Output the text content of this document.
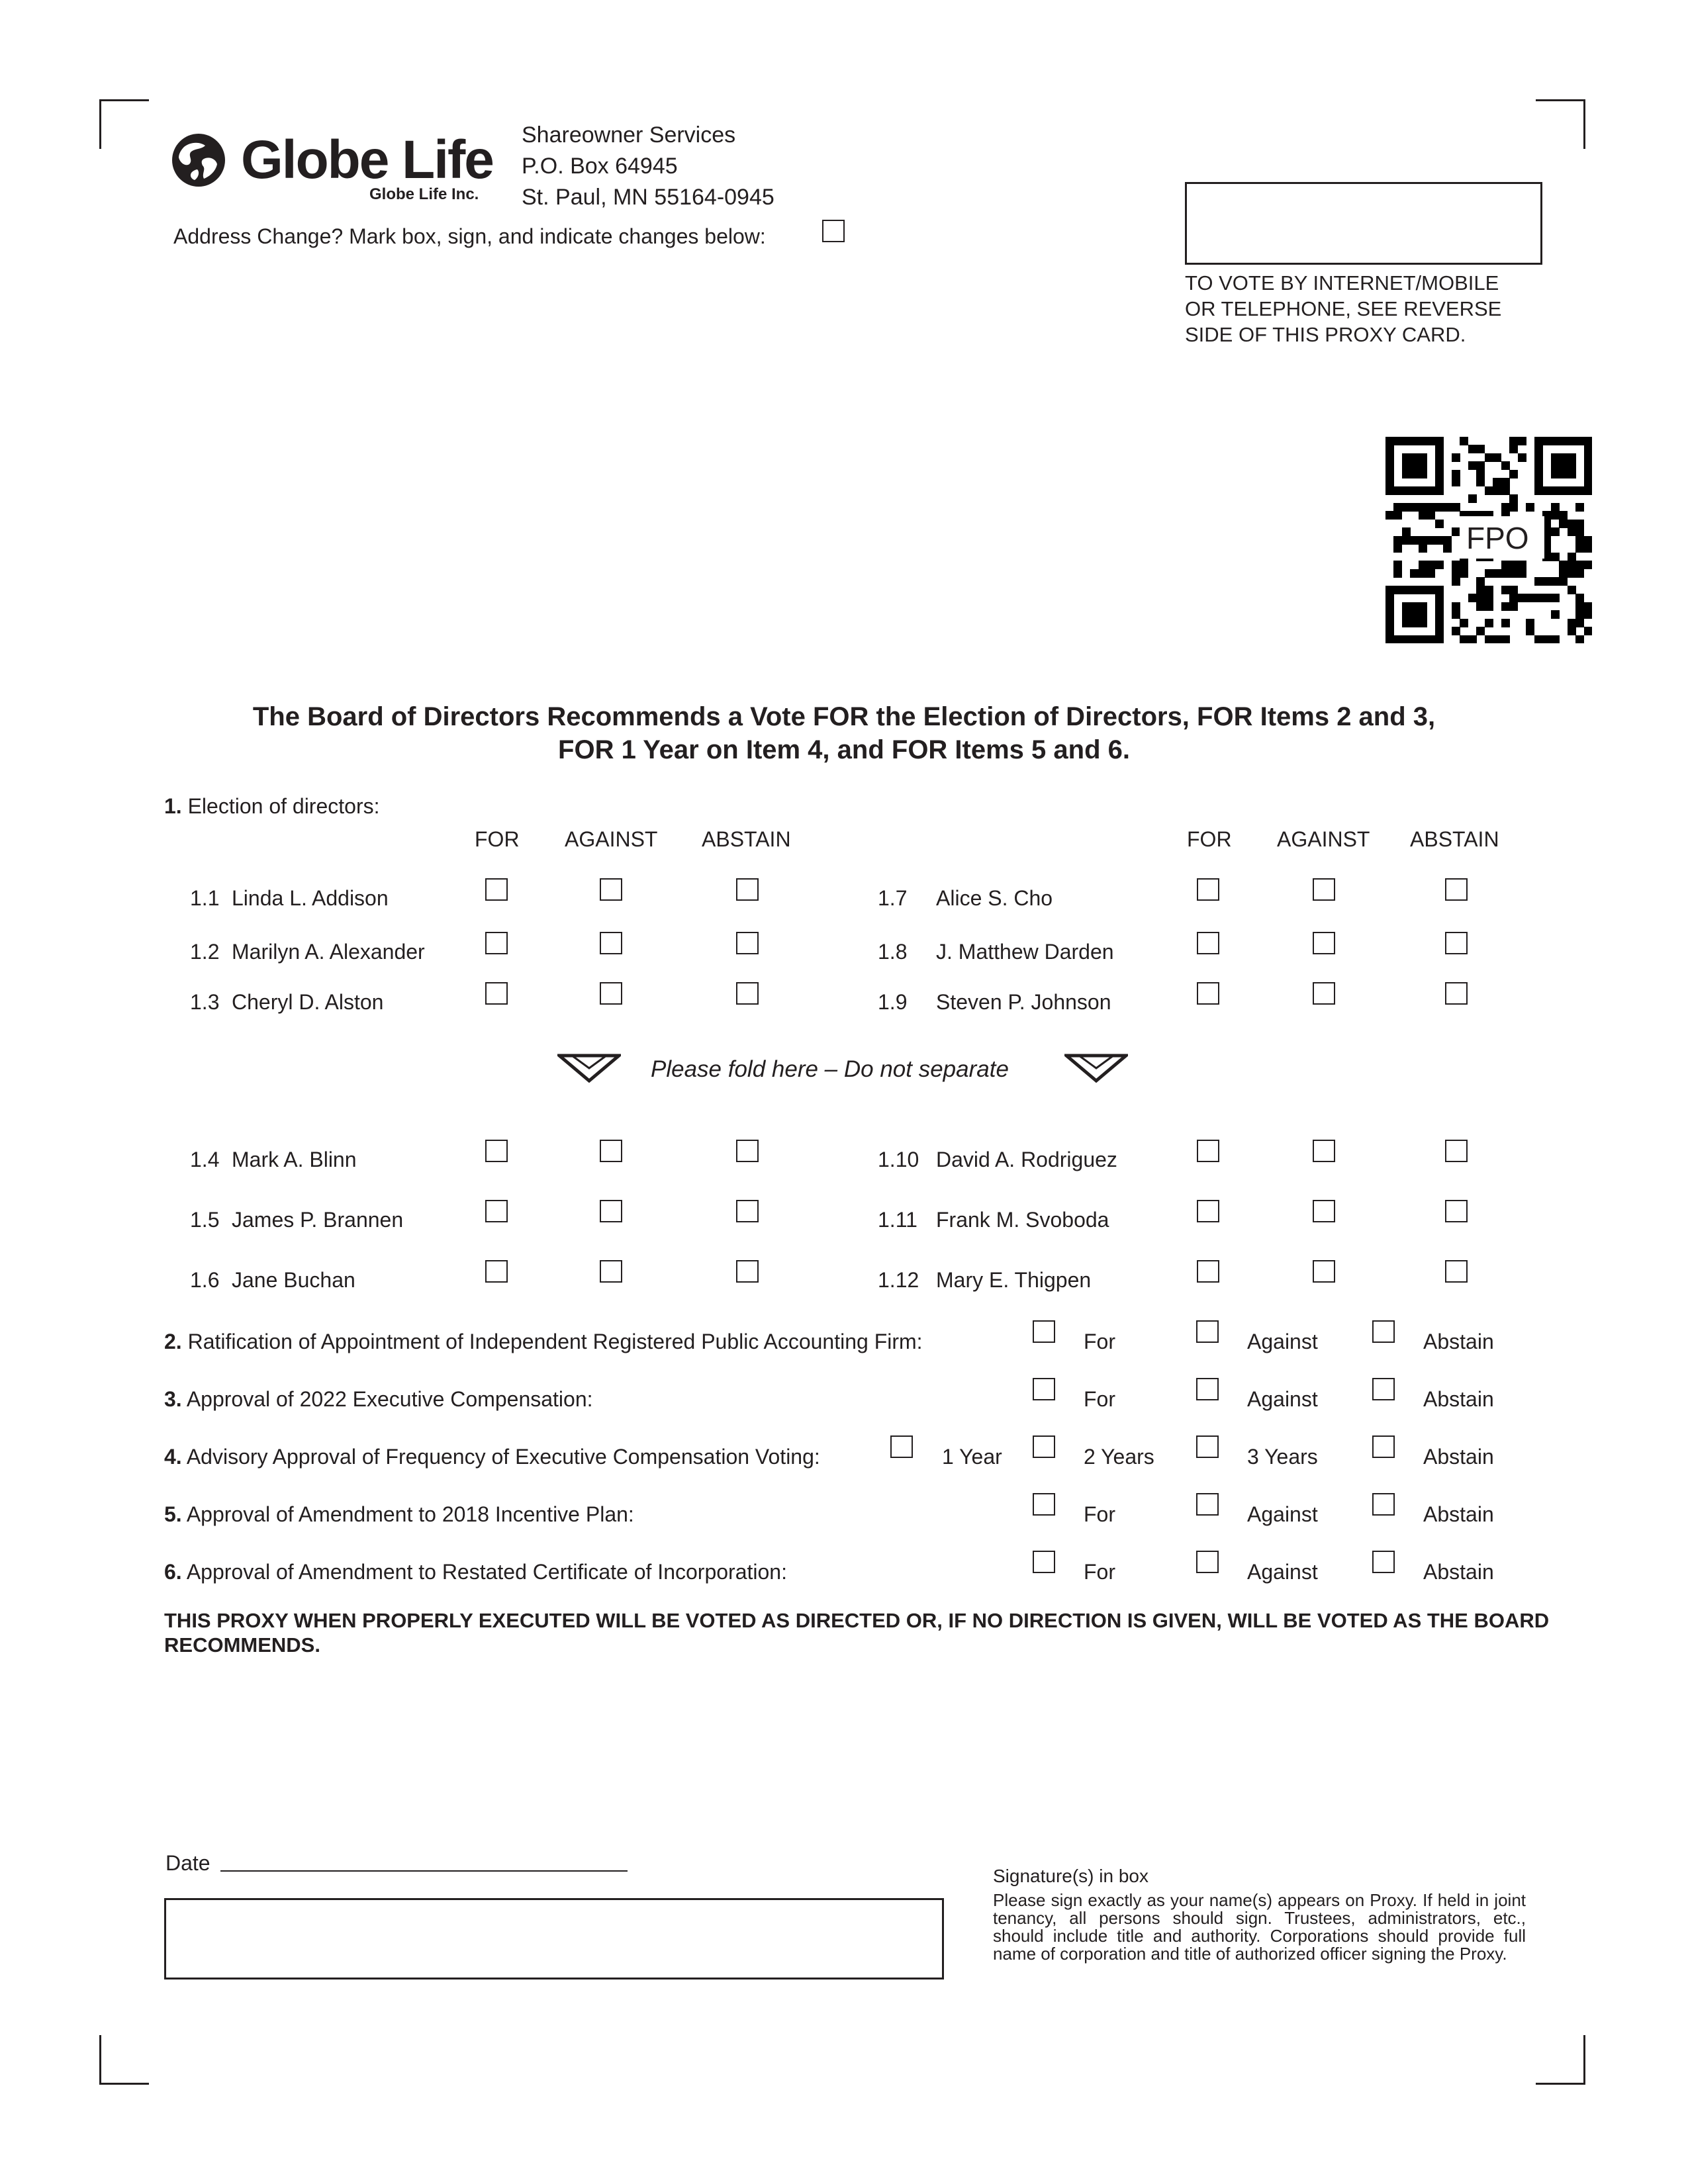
Globe Life
Globe Life Inc.
Shareowner Services
P.O. Box 64945
St. Paul, MN 55164-0945
Address Change? Mark box, sign, and indicate changes below:
TO VOTE BY INTERNET/MOBILE OR TELEPHONE, SEE REVERSE SIDE OF THIS PROXY CARD.
FPO
The Board of Directors Recommends a Vote FOR the Election of Directors, FOR Items 2 and 3,
FOR 1 Year on Item 4, and FOR Items 5 and 6.
1. Election of directors:
FOR AGAINST ABSTAIN	FOR AGAINST ABSTAIN
1.1 Linda L. Addison
1.2 Marilyn A. Alexander
1.3 Cheryl D. Alston
1.4 Mark A. Blinn
1.5 James P. Brannen
1.6 Jane Buchan
1.7 Alice S. Cho
1.8 J. Matthew Darden
1.9 Steven P. Johnson
1.10 David A. Rodriguez
1.11 Frank M. Svoboda
1.12 Mary E. Thigpen
Please fold here – Do not separate
2. Ratification of Appointment of Independent Registered Public Accounting Firm:	For	Against	Abstain
3. Approval of 2022 Executive Compensation:	For	Against	Abstain
4. Advisory Approval of Frequency of Executive Compensation Voting:	1 Year	2 Years	3 Years	Abstain
5. Approval of Amendment to 2018 Incentive Plan:	For	Against	Abstain
6. Approval of Amendment to Restated Certificate of Incorporation:	For	Against	Abstain
THIS PROXY WHEN PROPERLY EXECUTED WILL BE VOTED AS DIRECTED OR, IF NO DIRECTION IS GIVEN, WILL BE VOTED AS THE BOARD RECOMMENDS.
Date
Signature(s) in box
Please sign exactly as your name(s) appears on Proxy. If held in joint tenancy, all persons should sign. Trustees, administrators, etc., should include title and authority. Corporations should provide full name of corporation and title of authorized officer signing the Proxy.
